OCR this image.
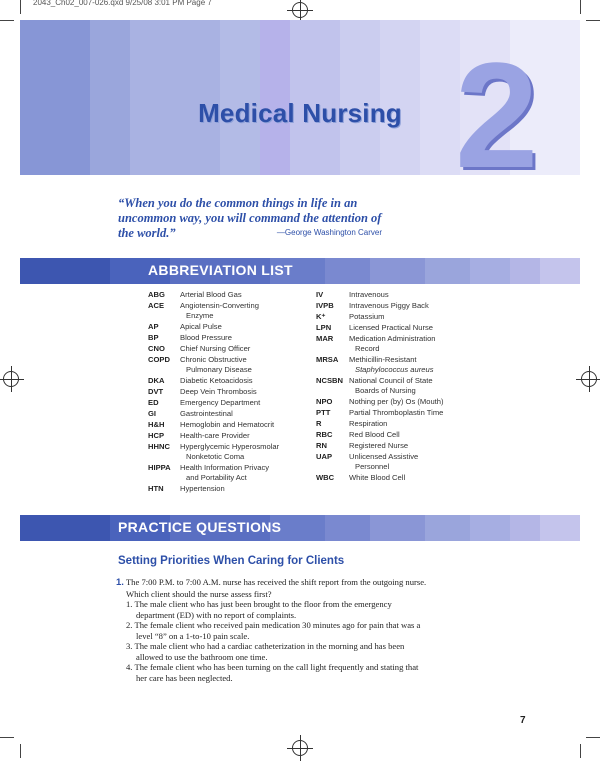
2043_Ch02_007-026.qxd 9/25/08 3:01 PM Page 7
Medical Nursing 2
“When you do the common things in life in an uncommon way, you will command the attention of the world.”	—George Washington Carver
ABBREVIATION LIST
ABG	Arterial Blood Gas
ACE	Angiotensin-Converting
Enzyme
AP	Apical Pulse
BP	Blood Pressure
CNO	Chief Nursing Officer
COPD	Chronic Obstructive
Pulmonary Disease
DKA	Diabetic Ketoacidosis
DVT	Deep Vein Thrombosis
ED	Emergency Department
GI	Gastrointestinal
H&H	Hemoglobin and Hematocrit
HCP	Health-care Provider
HHNC	Hyperglycemic Hyperosmolar
Nonketotic Coma
HIPPA	Health Information Privacy
and Portability Act
HTN	Hypertension
IV	Intravenous
IVPB	Intravenous Piggy Back
K⁺	Potassium
LPN	Licensed Practical Nurse
MAR	Medication Administration
Record
MRSA	Methicillin-Resistant
Staphylococcus aureus
NCSBN National Council of State
Boards of Nursing
NPO	Nothing per (by) Os (Mouth)
PTT	Partial Thromboplastin Time
R	Respiration
RBC	Red Blood Cell
RN	Registered Nurse
UAP	Unlicensed Assistive
Personnel
WBC	White Blood Cell
PRACTICE QUESTIONS
Setting Priorities When Caring for Clients
1. The 7:00 P.M. to 7:00 A.M. nurse has received the shift report from the outgoing nurse.
Which client should the nurse assess first?
1. The male client who has just been brought to the floor from the emergency
department (ED) with no report of complaints.
2. The female client who received pain medication 30 minutes ago for pain that was a
level “8” on a 1-to-10 pain scale.
3. The male client who had a cardiac catheterization in the morning and has been
allowed to use the bathroom one time.
4. The female client who has been turning on the call light frequently and stating that
her care has been neglected.
7
